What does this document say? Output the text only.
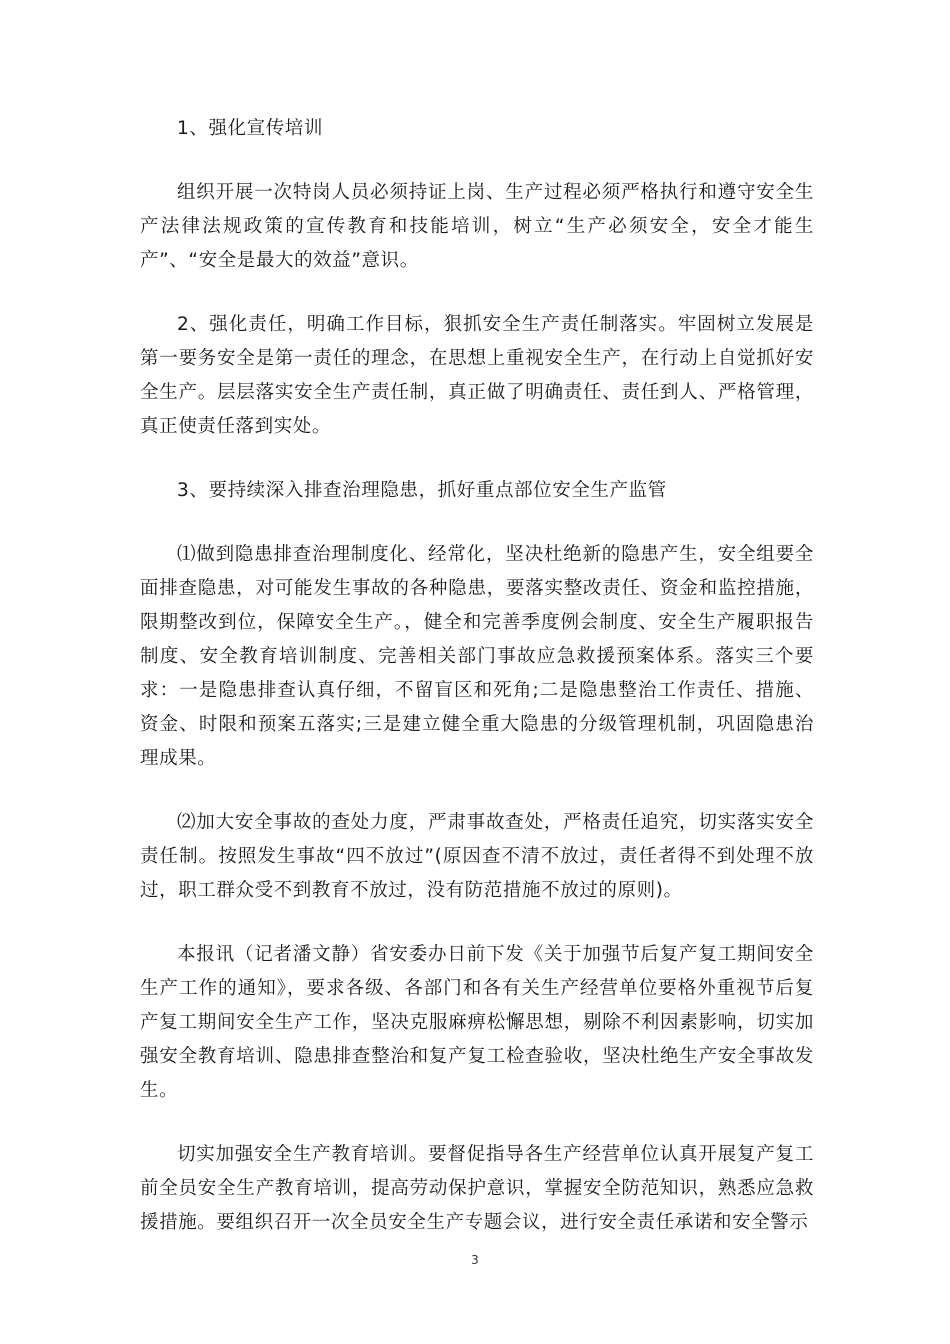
1、强化宣传培训

组织开展一次特岗人员必须持证上岗、生产过程必须严格执行和遵守安全生产法律法规政策的宣传教育和技能培训，树立“生产必须安全，安全才能生产”、“安全是最大的效益”意识。

2、强化责任，明确工作目标，狠抓安全生产责任制落实。牢固树立发展是第一要务安全是第一责任的理念，在思想上重视安全生产，在行动上自觉抓好安全生产。层层落实安全生产责任制，真正做了明确责任、责任到人、严格管理，真正使责任落到实处。

3、要持续深入排查治理隐患，抓好重点部位安全生产监管

⑴做到隐患排查治理制度化、经常化，坚决杜绝新的隐患产生，安全组要全面排查隐患，对可能发生事故的各种隐患，要落实整改责任、资金和监控措施，限期整改到位，保障安全生产。，健全和完善季度例会制度、安全生产履职报告制度、安全教育培训制度、完善相关部门事故应急救援预案体系。落实三个要求：一是隐患排查认真仔细，不留盲区和死角;二是隐患整治工作责任、措施、资金、时限和预案五落实;三是建立健全重大隐患的分级管理机制，巩固隐患治理成果。

⑵加大安全事故的查处力度，严肃事故查处，严格责任追究，切实落实安全责任制。按照发生事故“四不放过”(原因查不清不放过，责任者得不到处理不放过，职工群众受不到教育不放过，没有防范措施不放过的原则)。

本报讯（记者潘文静）省安委办日前下发《关于加强节后复产复工期间安全生产工作的通知》，要求各级、各部门和各有关生产经营单位要格外重视节后复产复工期间安全生产工作，坚决克服麻痹松懈思想，剔除不利因素影响，切实加强安全教育培训、隐患排查整治和复产复工检查验收，坚决杜绝生产安全事故发生。

切实加强安全生产教育培训。要督促指导各生产经营单位认真开展复产复工前全员安全生产教育培训，提高劳动保护意识，掌握安全防范知识，熟悉应急救援措施。要组织召开一次全员安全生产专题会议，进行安全责任承诺和安全警示

3
